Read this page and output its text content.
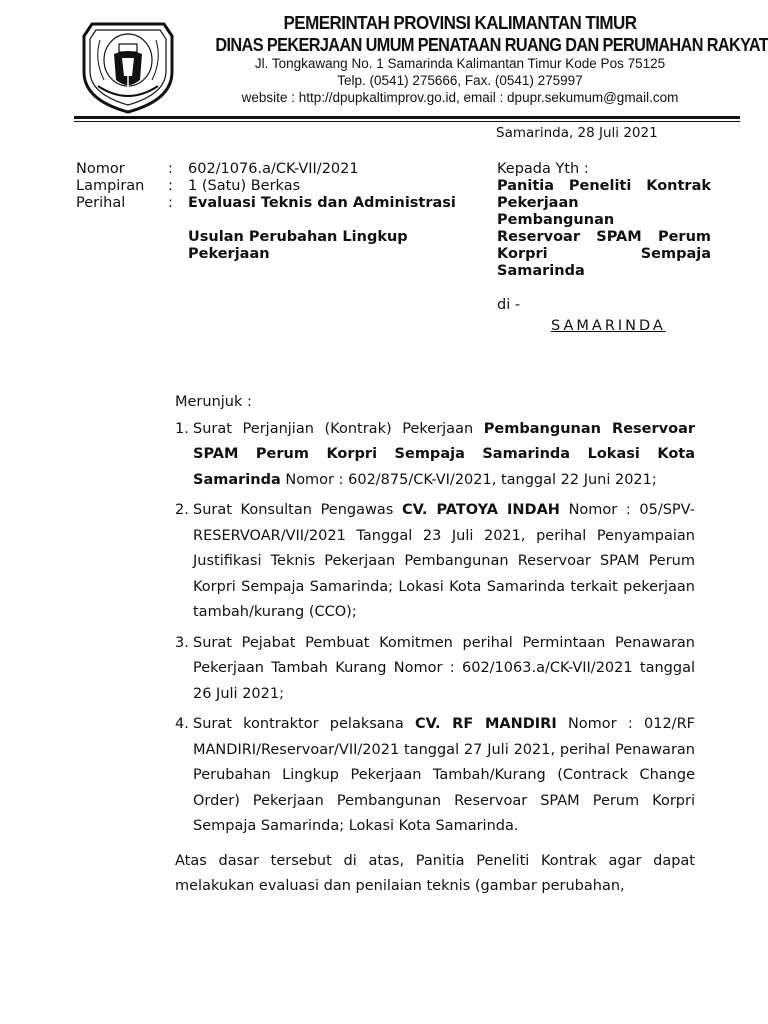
PEMERINTAH PROVINSI KALIMANTAN TIMUR
DINAS PEKERJAAN UMUM PENATAAN RUANG DAN PERUMAHAN RAKYAT
Jl. Tongkawang No. 1 Samarinda Kalimantan Timur Kode Pos 75125
Telp. (0541) 275666, Fax. (0541) 275997
website : http://dpupkaltimprov.go.id, email : dpupr.sekumum@gmail.com
Samarinda, 28 Juli 2021
Nomor	:	602/1076.a/CK-VII/2021
Lampiran	:	1 (Satu) Berkas
Perihal	:	Evaluasi Teknis dan Administrasi
Usulan Perubahan Lingkup Pekerjaan
Kepada Yth :
Panitia Peneliti Kontrak
Pekerjaan
Pembangunan
Reservoar SPAM Perum
Korpri Sempaja
Samarinda
di -
SAMARINDA
Merunjuk :
1. Surat Perjanjian (Kontrak) Pekerjaan Pembangunan Reservoar SPAM Perum Korpri Sempaja Samarinda Lokasi Kota Samarinda Nomor : 602/875/CK-VI/2021, tanggal 22 Juni 2021;
2. Surat Konsultan Pengawas CV. PATOYA INDAH Nomor : 05/SPV-RESERVOAR/VII/2021 Tanggal 23 Juli 2021, perihal Penyampaian Justifikasi Teknis Pekerjaan Pembangunan Reservoar SPAM Perum Korpri Sempaja Samarinda; Lokasi Kota Samarinda terkait pekerjaan tambah/kurang (CCO);
3. Surat Pejabat Pembuat Komitmen perihal Permintaan Penawaran Pekerjaan Tambah Kurang Nomor : 602/1063.a/CK-VII/2021 tanggal 26 Juli 2021;
4. Surat kontraktor pelaksana CV. RF MANDIRI Nomor : 012/RF MANDIRI/Reservoar/VII/2021 tanggal 27 Juli 2021, perihal Penawaran Perubahan Lingkup Pekerjaan Tambah/Kurang (Contrack Change Order) Pekerjaan Pembangunan Reservoar SPAM Perum Korpri Sempaja Samarinda; Lokasi Kota Samarinda.
Atas dasar tersebut di atas, Panitia Peneliti Kontrak agar dapat melakukan evaluasi dan penilaian teknis (gambar perubahan,
